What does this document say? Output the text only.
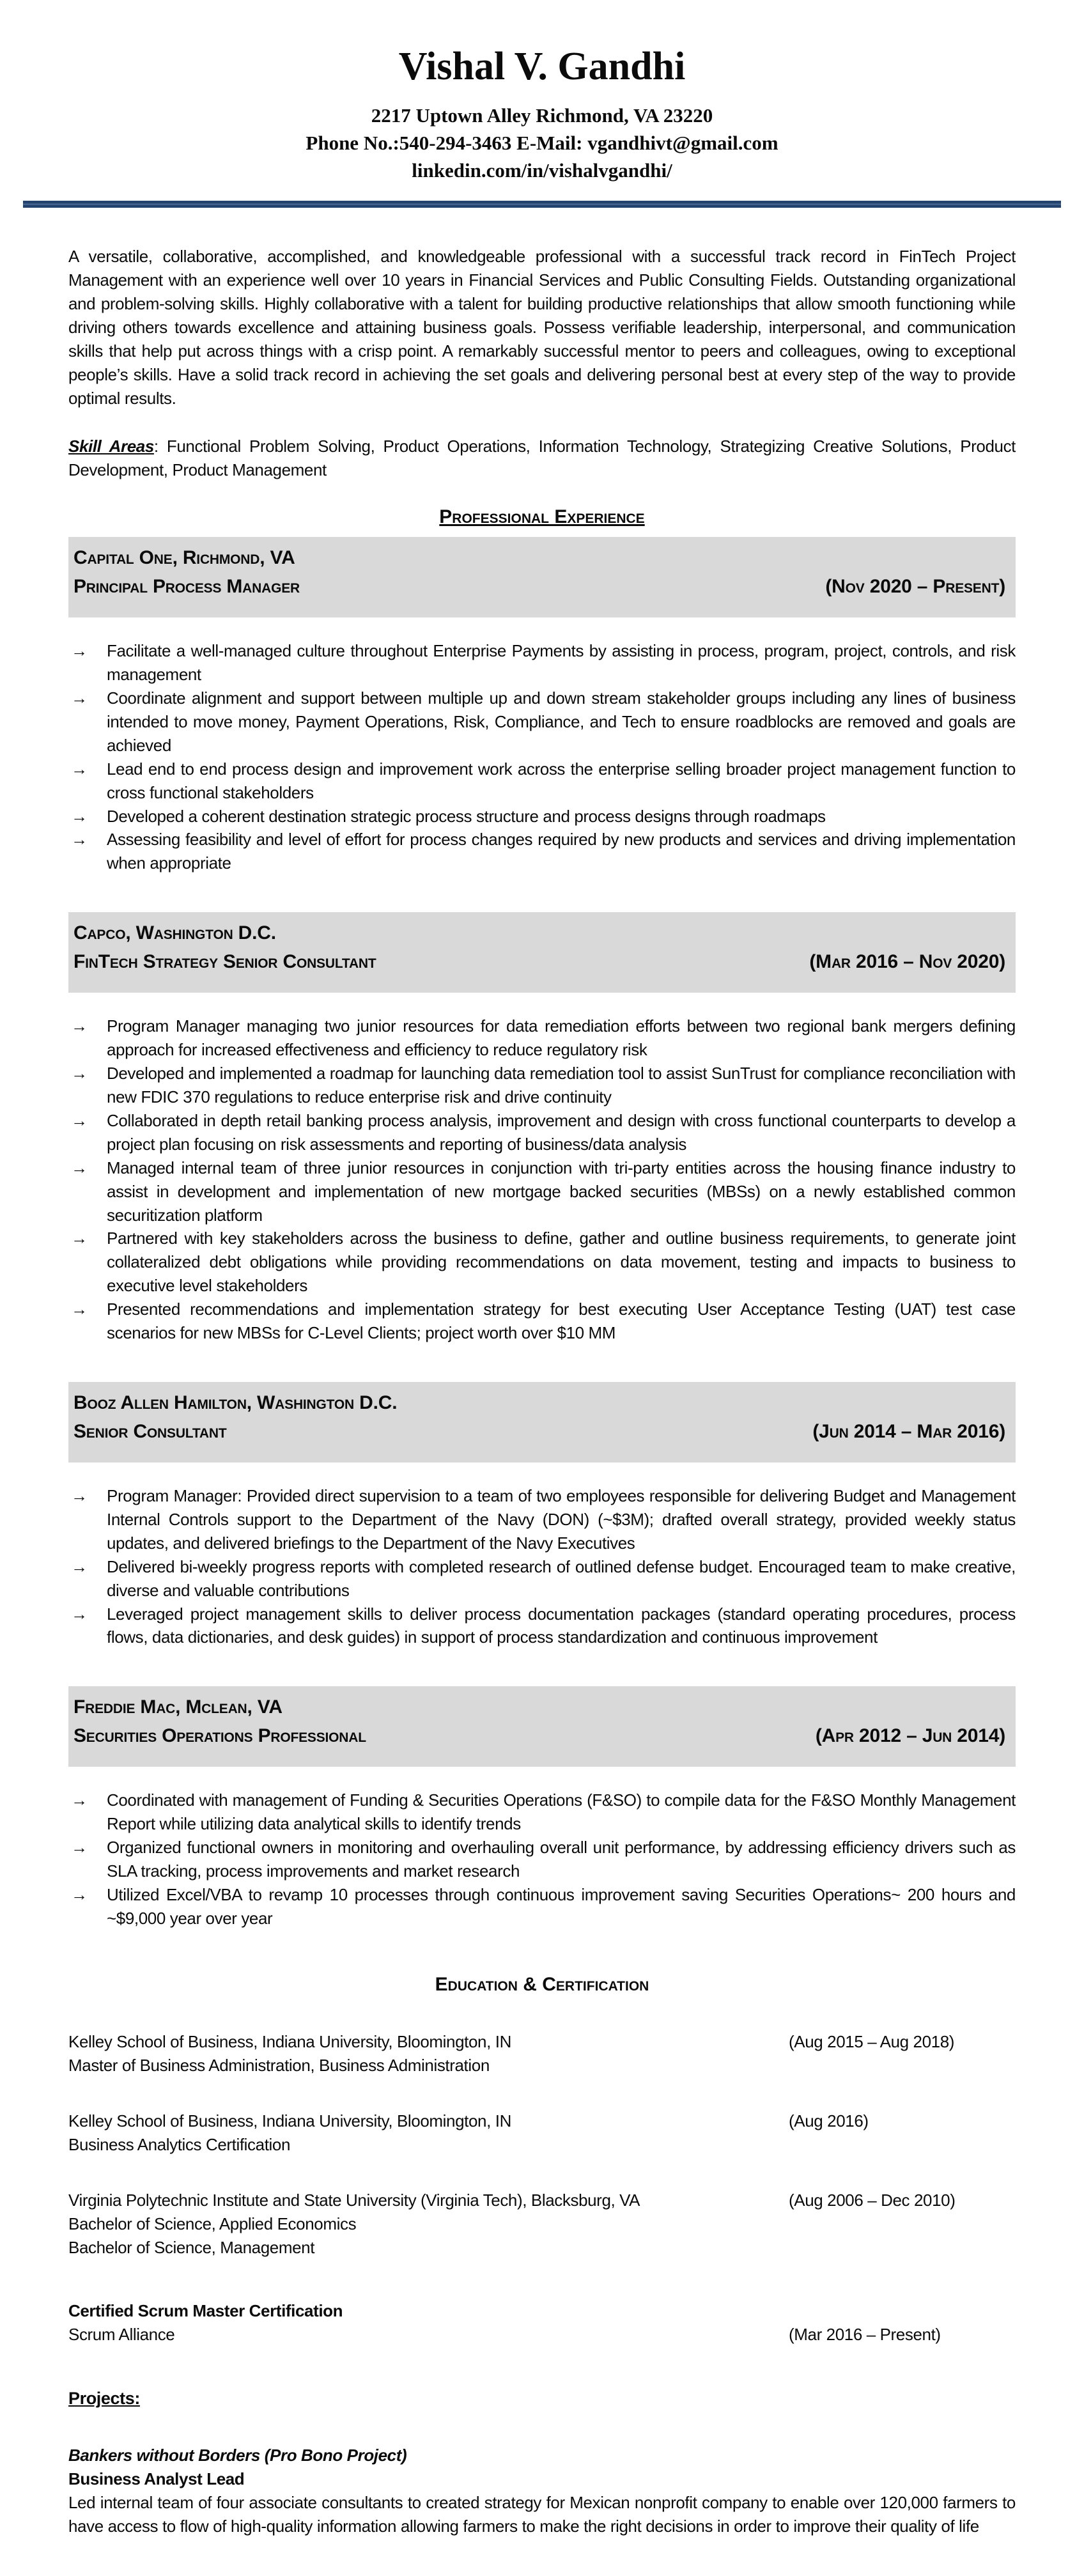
Vishal V. Gandhi
2217 Uptown Alley Richmond, VA 23220
Phone No.:540-294-3463 E-Mail: vgandhivt@gmail.com
linkedin.com/in/vishalvgandhi/

A versatile, collaborative, accomplished, and knowledgeable professional with a successful track record in FinTech Project Management with an experience well over 10 years in Financial Services and Public Consulting Fields. Outstanding organizational and problem-solving skills. Highly collaborative with a talent for building productive relationships that allow smooth functioning while driving others towards excellence and attaining business goals. Possess verifiable leadership, interpersonal, and communication skills that help put across things with a crisp point. A remarkably successful mentor to peers and colleagues, owing to exceptional people’s skills. Have a solid track record in achieving the set goals and delivering personal best at every step of the way to provide optimal results.

Skill Areas: Functional Problem Solving, Product Operations, Information Technology, Strategizing Creative Solutions, Product Development, Product Management

Professional Experience
Capital One, Richmond, VA
Principal Process Manager	(Nov 2020 – Present)
→ Facilitate a well-managed culture throughout Enterprise Payments by assisting in process, program, project, controls, and risk management
→ Coordinate alignment and support between multiple up and down stream stakeholder groups including any lines of business intended to move money, Payment Operations, Risk, Compliance, and Tech to ensure roadblocks are removed and goals are achieved
→ Lead end to end process design and improvement work across the enterprise selling broader project management function to cross functional stakeholders
→ Developed a coherent destination strategic process structure and process designs through roadmaps
→ Assessing feasibility and level of effort for process changes required by new products and services and driving implementation when appropriate
Capco, Washington D.C.
FinTech Strategy Senior Consultant	(Mar 2016 – Nov 2020)
→ Program Manager managing two junior resources for data remediation efforts between two regional bank mergers defining approach for increased effectiveness and efficiency to reduce regulatory risk
→ Developed and implemented a roadmap for launching data remediation tool to assist SunTrust for compliance reconciliation with new FDIC 370 regulations to reduce enterprise risk and drive continuity
→ Collaborated in depth retail banking process analysis, improvement and design with cross functional counterparts to develop a project plan focusing on risk assessments and reporting of business/data analysis
→ Managed internal team of three junior resources in conjunction with tri-party entities across the housing finance industry to assist in development and implementation of new mortgage backed securities (MBSs) on a newly established common securitization platform
→ Partnered with key stakeholders across the business to define, gather and outline business requirements, to generate joint collateralized debt obligations while providing recommendations on data movement, testing and impacts to business to executive level stakeholders
→ Presented recommendations and implementation strategy for best executing User Acceptance Testing (UAT) test case scenarios for new MBSs for C-Level Clients; project worth over $10 MM
Booz Allen Hamilton, Washington D.C.
Senior Consultant	(Jun 2014 – Mar 2016)
→ Program Manager: Provided direct supervision to a team of two employees responsible for delivering Budget and Management Internal Controls support to the Department of the Navy (DON) (~$3M); drafted overall strategy, provided weekly status updates, and delivered briefings to the Department of the Navy Executives
→ Delivered bi-weekly progress reports with completed research of outlined defense budget. Encouraged team to make creative, diverse and valuable contributions
→ Leveraged project management skills to deliver process documentation packages (standard operating procedures, process flows, data dictionaries, and desk guides) in support of process standardization and continuous improvement
Freddie Mac, Mclean, VA
Securities Operations Professional	(Apr 2012 – Jun 2014)
→ Coordinated with management of Funding & Securities Operations (F&SO) to compile data for the F&SO Monthly Management Report while utilizing data analytical skills to identify trends
→ Organized functional owners in monitoring and overhauling overall unit performance, by addressing efficiency drivers such as SLA tracking, process improvements and market research
→ Utilized Excel/VBA to revamp 10 processes through continuous improvement saving Securities Operations~ 200 hours and ~$9,000 year over year
Education & Certification
Kelley School of Business, Indiana University, Bloomington, IN
Master of Business Administration, Business Administration
(Aug 2015 – Aug 2018)
Kelley School of Business, Indiana University, Bloomington, IN
Business Analytics Certification
(Aug 2016)
Virginia Polytechnic Institute and State University (Virginia Tech), Blacksburg, VA
Bachelor of Science, Applied Economics
Bachelor of Science, Management
(Aug 2006 – Dec 2010)
Certified Scrum Master Certification
Scrum Alliance	(Mar 2016 – Present)
Projects:
Bankers without Borders (Pro Bono Project)
Business Analyst Lead
Led internal team of four associate consultants to created strategy for Mexican nonprofit company to enable over 120,000 farmers to have access to flow of high-quality information allowing farmers to make the right decisions in order to improve their quality of life
